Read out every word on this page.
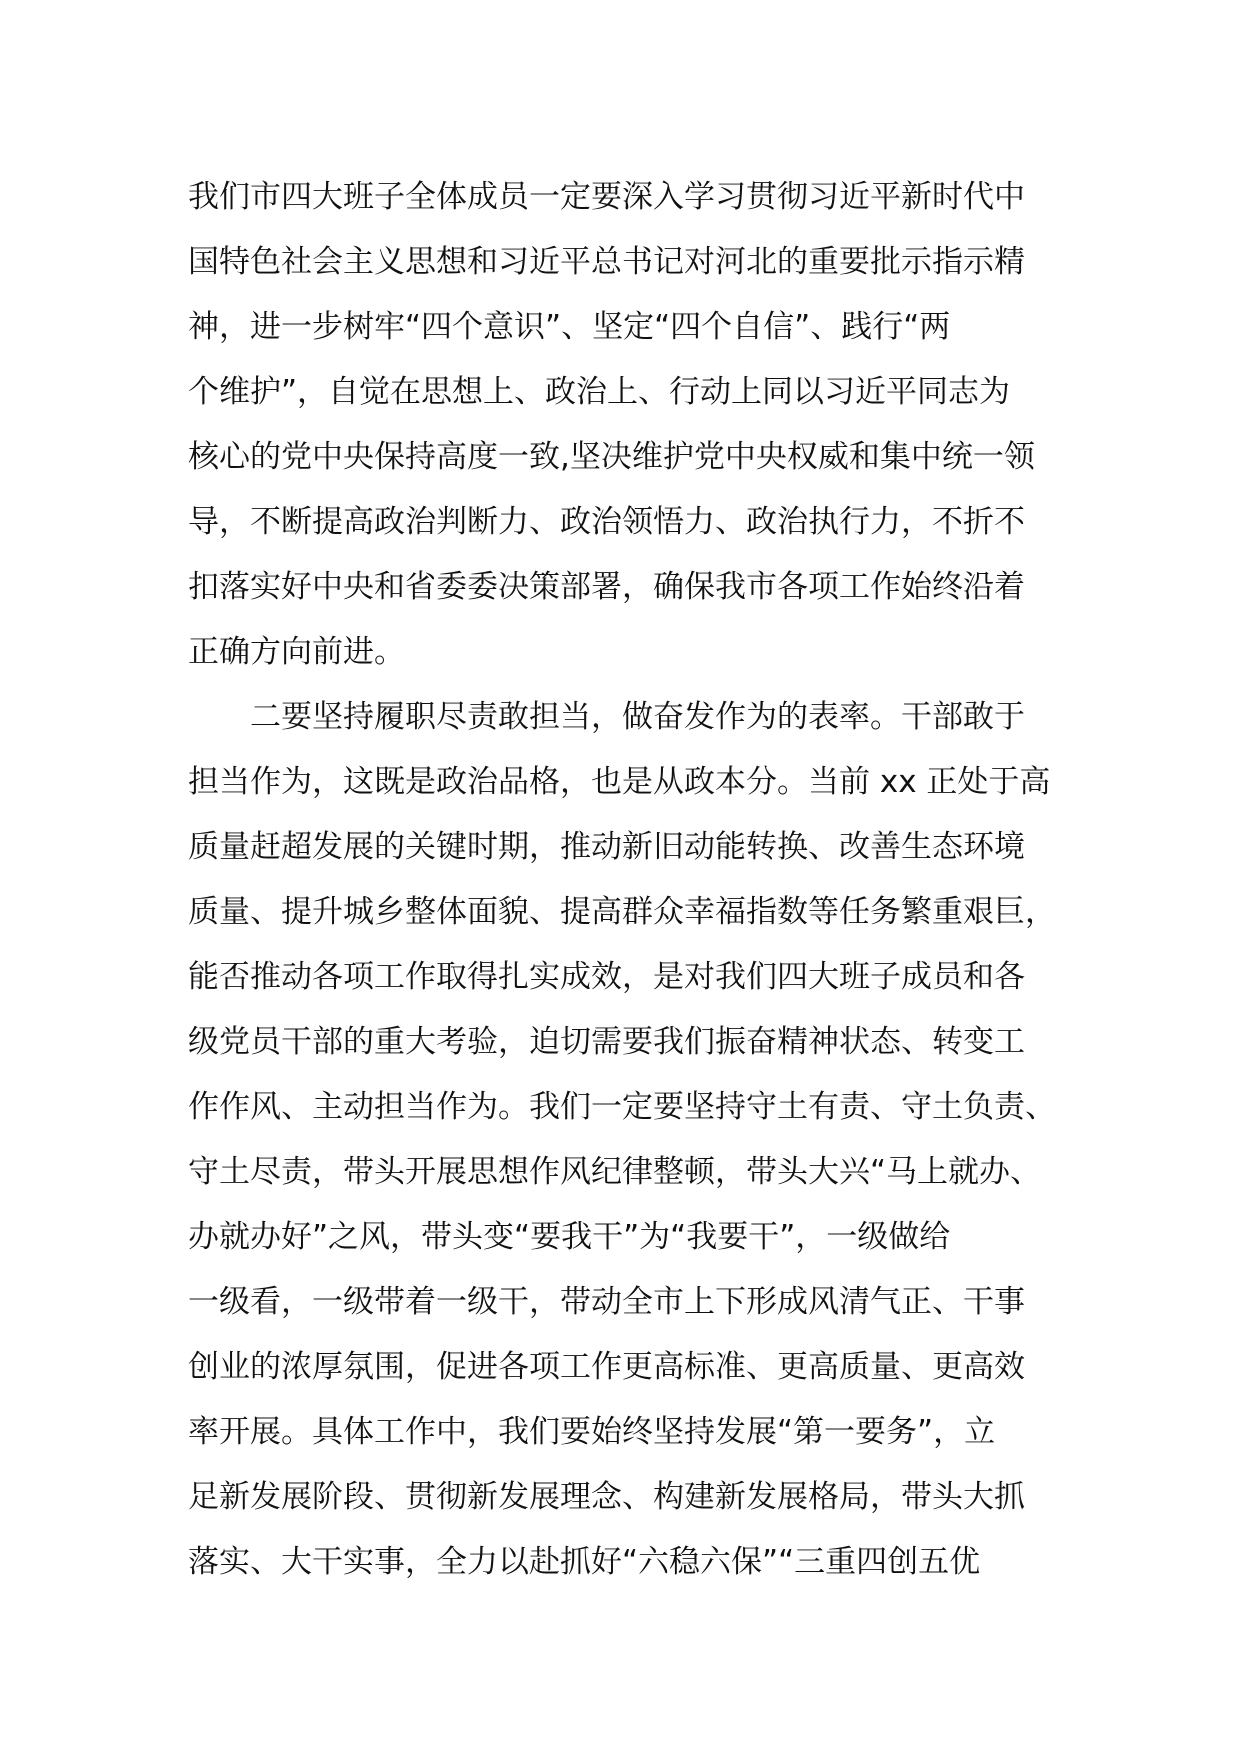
我们市四大班子全体成员一定要深入学习贯彻习近平新时代中

国特色社会主义思想和习近平总书记对河北的重要批示指示精

神，进一步树牢“四个意识”、坚定“四个自信”、践行“两

个维护”，自觉在思想上、政治上、行动上同以习近平同志为

核心的党中央保持高度一致,坚决维护党中央权威和集中统一领

导，不断提高政治判断力、政治领悟力、政治执行力，不折不

扣落实好中央和省委委决策部署，确保我市各项工作始终沿着

正确方向前进。

　　二要坚持履职尽责敢担当，做奋发作为的表率。干部敢于

担当作为，这既是政治品格，也是从政本分。当前 xx 正处于高

质量赶超发展的关键时期，推动新旧动能转换、改善生态环境

质量、提升城乡整体面貌、提高群众幸福指数等任务繁重艰巨，

能否推动各项工作取得扎实成效，是对我们四大班子成员和各

级党员干部的重大考验，迫切需要我们振奋精神状态、转变工

作作风、主动担当作为。我们一定要坚持守土有责、守土负责、

守土尽责，带头开展思想作风纪律整顿，带头大兴“马上就办、

办就办好”之风，带头变“要我干”为“我要干”，一级做给

一级看，一级带着一级干，带动全市上下形成风清气正、干事

创业的浓厚氛围，促进各项工作更高标准、更高质量、更高效

率开展。具体工作中，我们要始终坚持发展“第一要务”，立

足新发展阶段、贯彻新发展理念、构建新发展格局，带头大抓

落实、大干实事，全力以赴抓好“六稳六保”“三重四创五优
